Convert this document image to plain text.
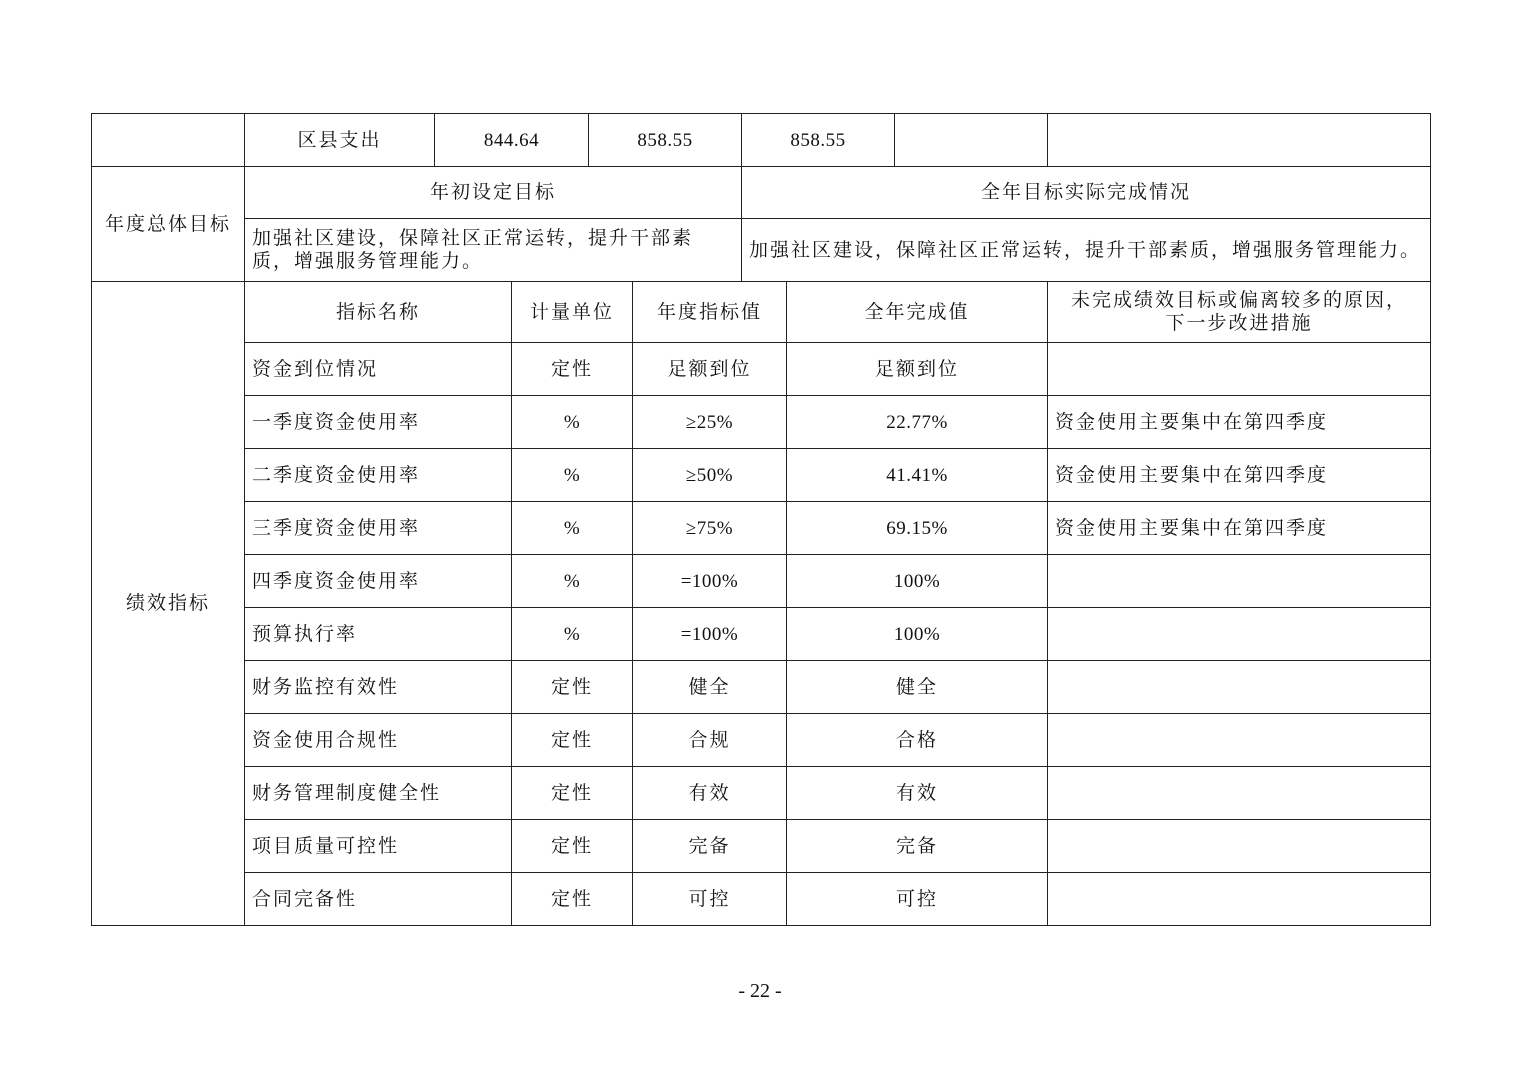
	区县支出	844.64		858.55		858.55			
年度总体目标	年初设定目标					全年目标实际完成情况			
	加强社区建设，保障社区正常运转，提升干部素质，增强服务管理能力。					加强社区建设，保障社区正常运转，提升干部素质，增强服务管理能力。			
绩效指标	指标名称		计量单位		年度指标值		全年完成值		未完成绩效目标或偏离较多的原因，下一步改进措施
	资金到位情况		定性		足额到位		足额到位		
	一季度资金使用率		%		≥25%		22.77%		资金使用主要集中在第四季度
	二季度资金使用率		%		≥50%		41.41%		资金使用主要集中在第四季度
	三季度资金使用率		%		≥75%		69.15%		资金使用主要集中在第四季度
	四季度资金使用率		%		=100%		100%		
	预算执行率		%		=100%		100%		
	财务监控有效性		定性		健全		健全		
	资金使用合规性		定性		合规		合格		
	财务管理制度健全性		定性		有效		有效		
	项目质量可控性		定性		完备		完备		
	合同完备性		定性		可控		可控		
- 22 -
